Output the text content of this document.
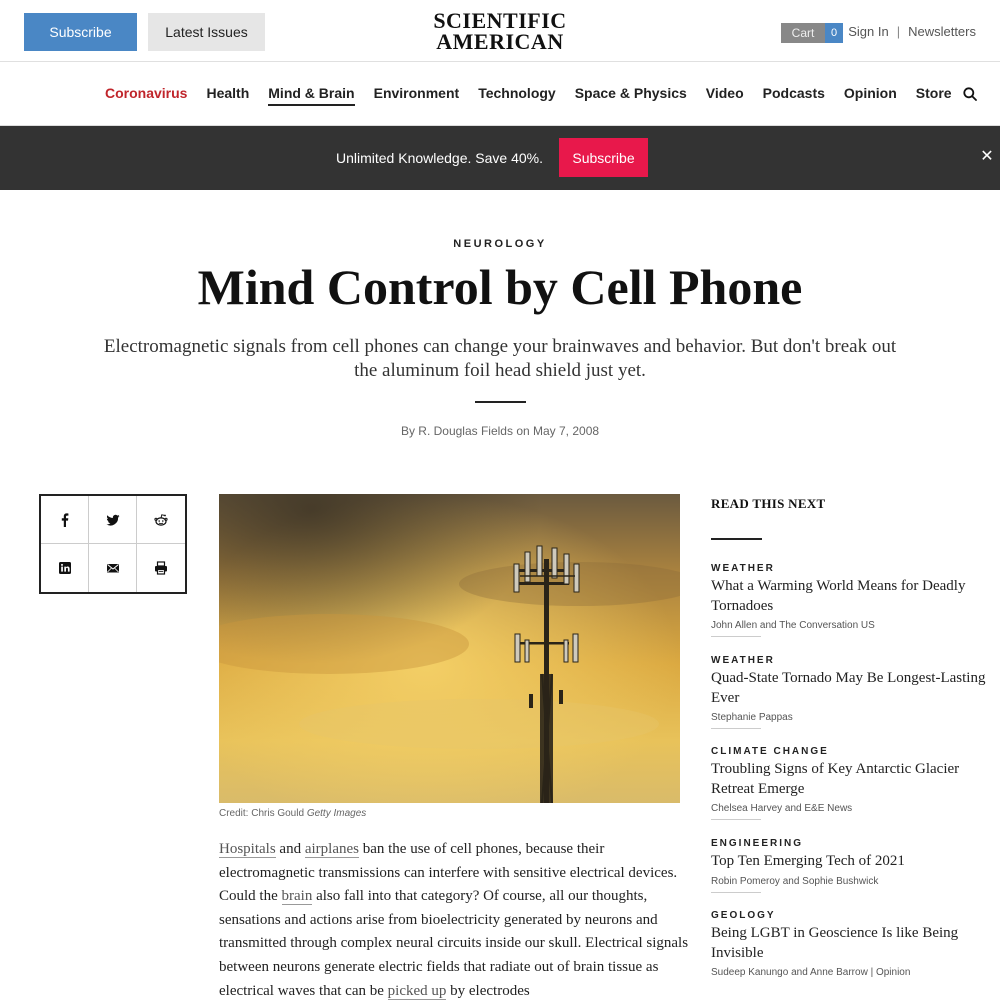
Subscribe	Latest Issues	SCIENTIFIC
AMERICAN	Cart	0 Sign In | Newsletters
Coronavirus Health Mind & Brain Environment Technology Space & Physics Video Podcasts Opinion Store
Unlimited Knowledge. Save 40%.	Subscribe	✕
NEUROLOGY
Mind Control by Cell Phone

Electromagnetic signals from cell phones can change your brainwaves and behavior. But don't break out the aluminum foil head shield just yet.

By R. Douglas Fields on May 7, 2008
Credit: Chris Gould Getty Images
Hospitals and airplanes ban the use of cell phones, because their electromagnetic transmissions can interfere with sensitive electrical devices. Could the brain also fall into that category? Of course, all our thoughts, sensations and actions arise from bioelectricity generated by neurons and transmitted through complex neural circuits inside our skull. Electrical signals between neurons generate electric fields that radiate out of brain tissue as electrical waves that can be picked up by electrodes
READ THIS NEXT
WEATHER
What a Warming World Means for Deadly Tornadoes
John Allen and The Conversation US
WEATHER
Quad-State Tornado May Be Longest-Lasting Ever
Stephanie Pappas
CLIMATE CHANGE
Troubling Signs of Key Antarctic Glacier Retreat Emerge
Chelsea Harvey and E&E News
ENGINEERING
Top Ten Emerging Tech of 2021
Robin Pomeroy and Sophie Bushwick
GEOLOGY
Being LGBT in Geoscience Is like Being Invisible
Sudeep Kanungo and Anne Barrow | Opinion
